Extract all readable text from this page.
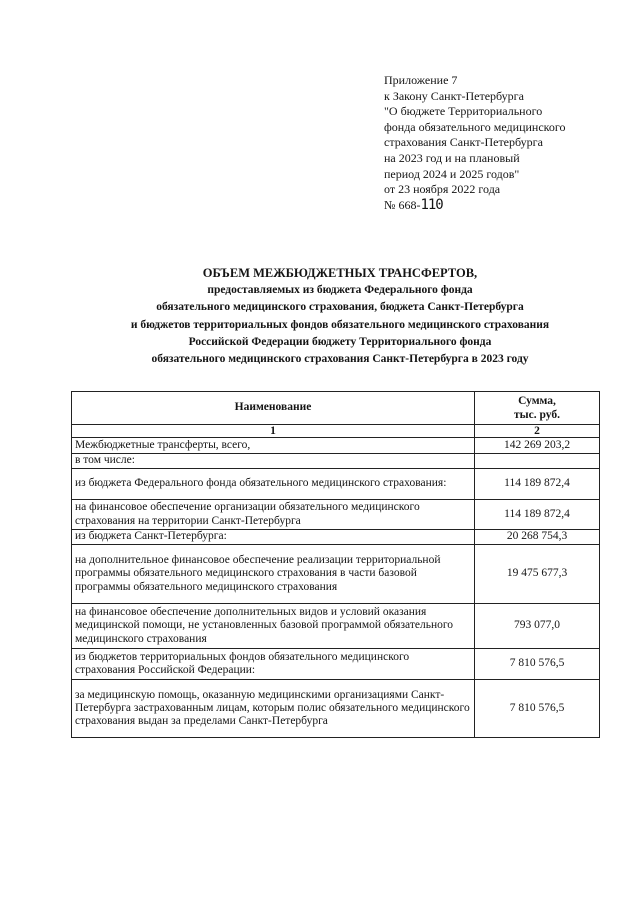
Приложение 7
к Закону Санкт-Петербурга
"О бюджете Территориального
фонда обязательного медицинского
страхования Санкт-Петербурга
на 2023 год и на плановый
период 2024 и 2025 годов"
от 23 ноября 2022 года
№ 668-110
ОБЪЕМ МЕЖБЮДЖЕТНЫХ ТРАНСФЕРТОВ,
предоставляемых из бюджета Федерального фонда
обязательного медицинского страхования, бюджета Санкт-Петербурга
и бюджетов территориальных фондов обязательного медицинского страхования
Российской Федерации бюджету Территориального фонда
обязательного медицинского страхования Санкт-Петербурга в 2023 году
Наименование	Сумма,
тыс. руб.

1	2
Межбюджетные трансферты, всего,	142 269 203,2
в том числе:	
из бюджета Федерального фонда обязательного медицинского страхования:	114 189 872,4
на финансовое обеспечение организации обязательного медицинского страхования на территории Санкт-Петербурга	114 189 872,4
из бюджета Санкт-Петербурга:	20 268 754,3
на дополнительное финансовое обеспечение реализации территориальной программы обязательного медицинского страхования в части базовой программы обязательного медицинского страхования	19 475 677,3
на финансовое обеспечение дополнительных видов и условий оказания медицинской помощи, не установленных базовой программой обязательного медицинского страхования	793 077,0
из бюджетов территориальных фондов обязательного медицинского страхования Российской Федерации:	7 810 576,5
за медицинскую помощь, оказанную медицинскими организациями Санкт-Петербурга застрахованным лицам, которым полис обязательного медицинского страхования выдан за пределами Санкт-Петербурга	7 810 576,5
